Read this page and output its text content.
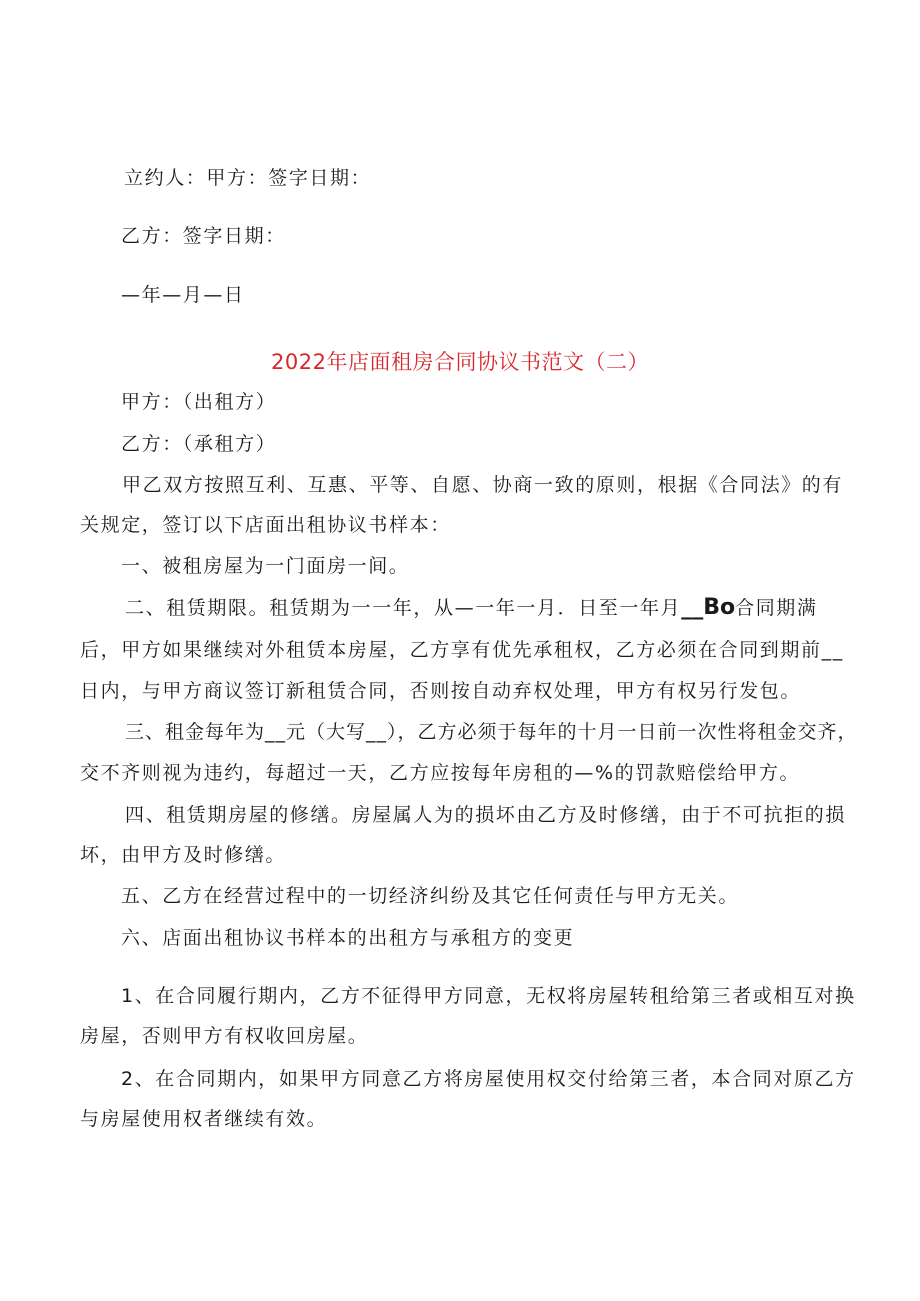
立约人：甲方：签字日期：
乙方：签字日期：
—年—月—日
2022年店面租房合同协议书范文（二）
甲方：（出租方）
乙方：（承租方）
甲乙双方按照互利、互惠、平等、自愿、协商一致的原则，根据《合同法》的有
关规定，签订以下店面出租协议书样本：
一、被租房屋为一门面房一间。
二、租赁期限。租赁期为一一年，从—一年一月．日至一年月__Bo合同期满
后，甲方如果继续对外租赁本房屋，乙方享有优先承租权，乙方必须在合同到期前__
日内，与甲方商议签订新租赁合同，否则按自动弃权处理，甲方有权另行发包。
三、租金每年为__元（大写__），乙方必须于每年的十月一日前一次性将租金交齐，
交不齐则视为违约，每超过一天，乙方应按每年房租的—%的罚款赔偿给甲方。
四、租赁期房屋的修缮。房屋属人为的损坏由乙方及时修缮，由于不可抗拒的损
坏，由甲方及时修缮。
五、乙方在经营过程中的一切经济纠纷及其它任何责任与甲方无关。
六、店面出租协议书样本的出租方与承租方的变更
1、在合同履行期内，乙方不征得甲方同意，无权将房屋转租给第三者或相互对换
房屋，否则甲方有权收回房屋。
2、在合同期内，如果甲方同意乙方将房屋使用权交付给第三者，本合同对原乙方
与房屋使用权者继续有效。
